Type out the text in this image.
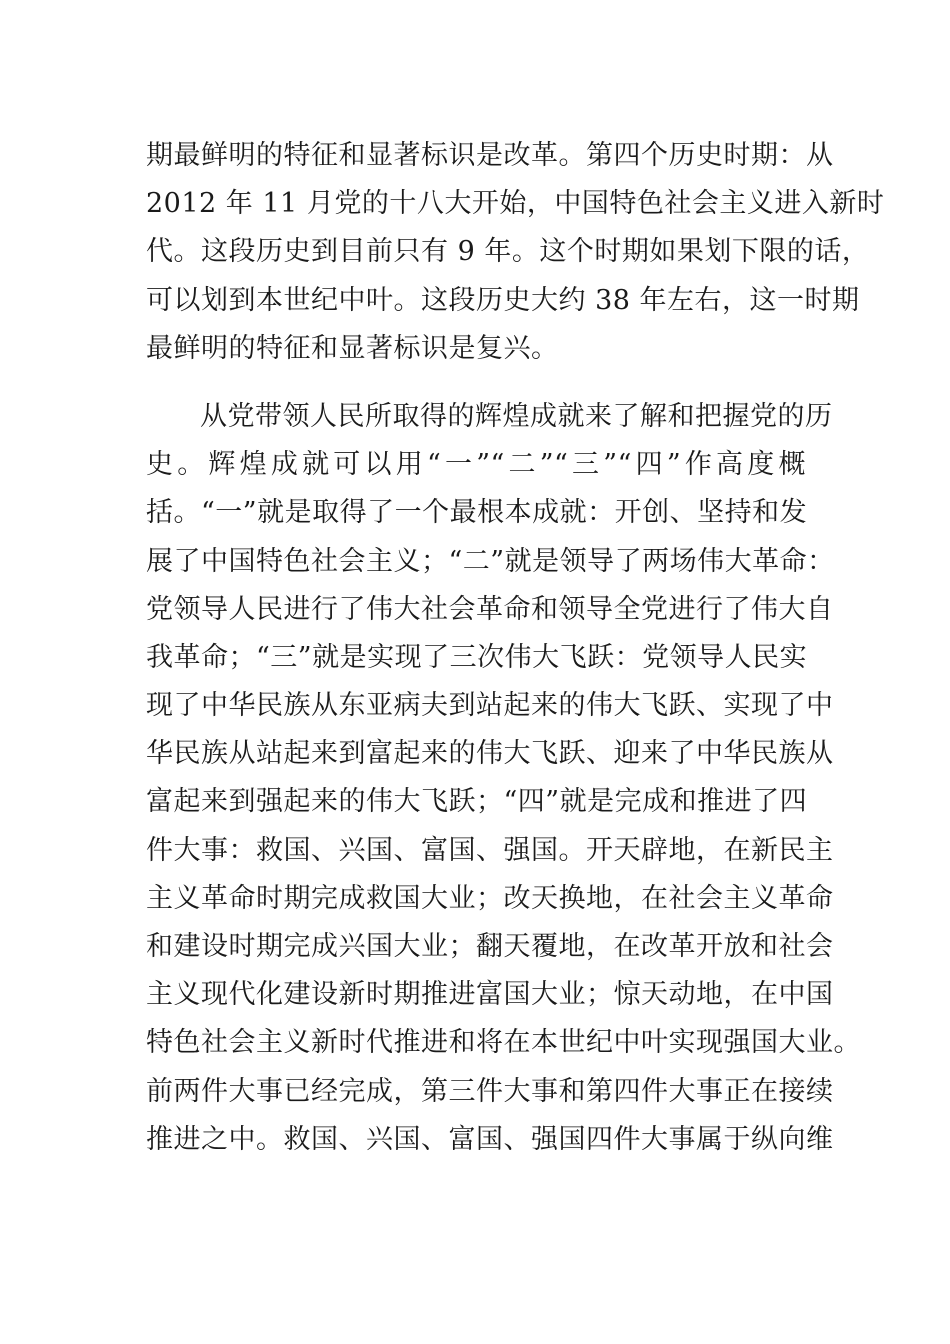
期最鲜明的特征和显著标识是改革。第四个历史时期：从
2012 年 11 月党的十八大开始，中国特色社会主义进入新时
代。这段历史到目前只有 9 年。这个时期如果划下限的话，
可以划到本世纪中叶。这段历史大约 38 年左右，这一时期
最鲜明的特征和显著标识是复兴。
从党带领人民所取得的辉煌成就来了解和把握党的历
史。辉煌成就可以用“一”“二”“三”“四”作高度概
括。“一”就是取得了一个最根本成就：开创、坚持和发
展了中国特色社会主义；“二”就是领导了两场伟大革命：
党领导人民进行了伟大社会革命和领导全党进行了伟大自
我革命；“三”就是实现了三次伟大飞跃：党领导人民实
现了中华民族从东亚病夫到站起来的伟大飞跃、实现了中
华民族从站起来到富起来的伟大飞跃、迎来了中华民族从
富起来到强起来的伟大飞跃；“四”就是完成和推进了四
件大事：救国、兴国、富国、强国。开天辟地，在新民主
主义革命时期完成救国大业；改天换地，在社会主义革命
和建设时期完成兴国大业；翻天覆地，在改革开放和社会
主义现代化建设新时期推进富国大业；惊天动地，在中国
特色社会主义新时代推进和将在本世纪中叶实现强国大业。
前两件大事已经完成，第三件大事和第四件大事正在接续
推进之中。救国、兴国、富国、强国四件大事属于纵向维
